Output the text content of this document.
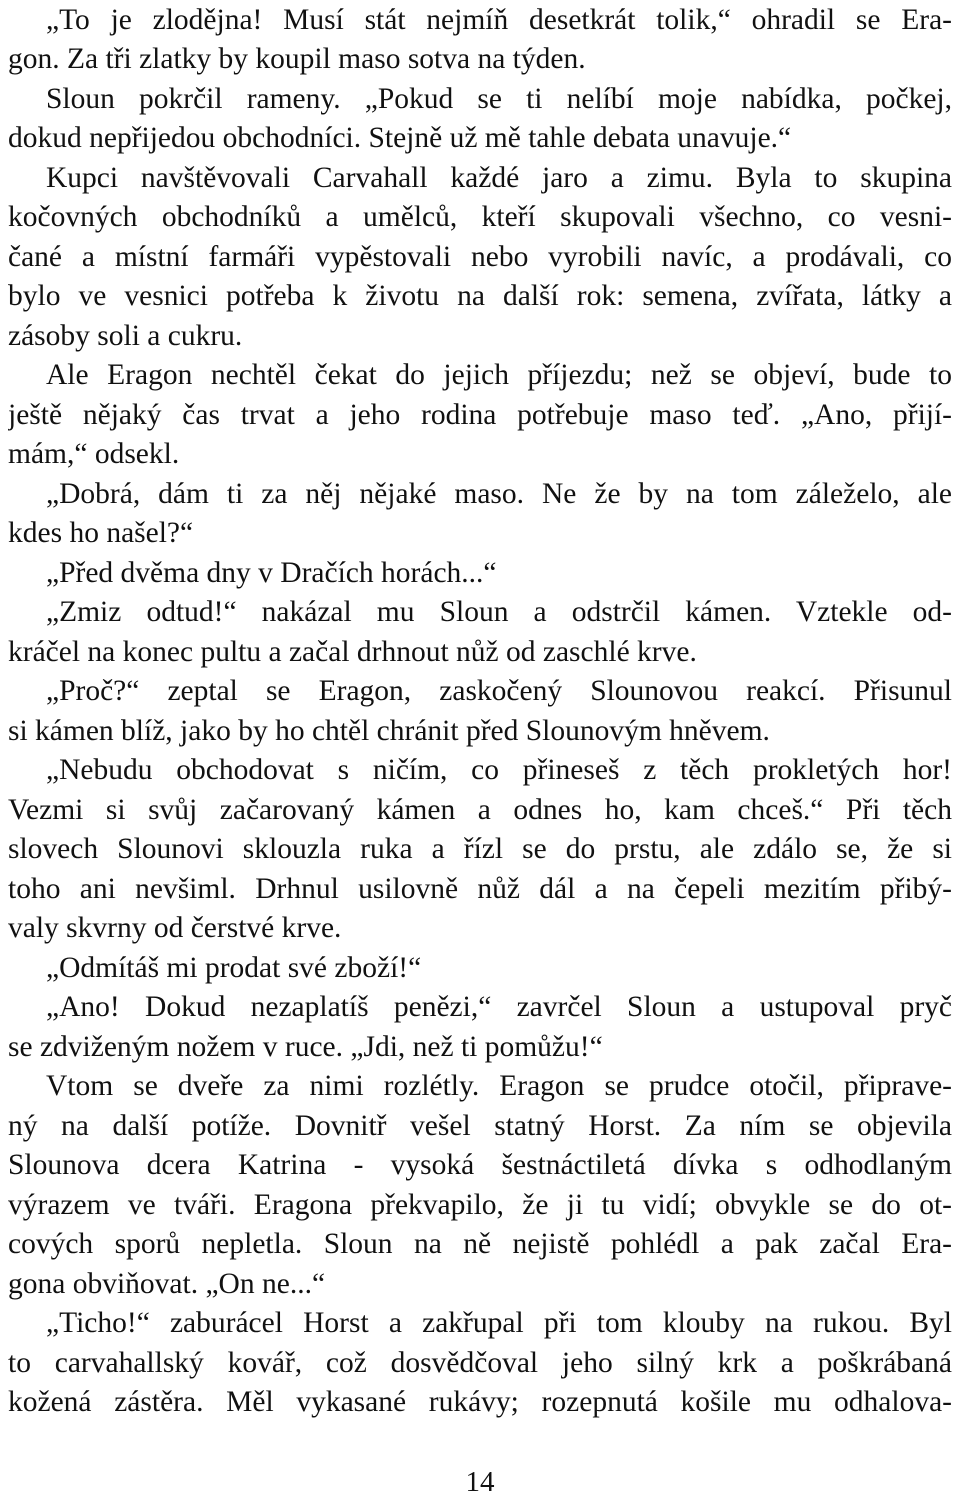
„To je zlodějna! Musí stát nejmíň desetkrát tolik,“ ohradil se Era-
gon. Za tři zlatky by koupil maso sotva na týden.
Sloun pokrčil rameny. „Pokud se ti nelíbí moje nabídka, počkej,
dokud nepřijedou obchodníci. Stejně už mě tahle debata unavuje.“
Kupci navštěvovali Carvahall každé jaro a zimu. Byla to skupina
kočovných obchodníků a umělců, kteří skupovali všechno, co vesni-
čané a místní farmáři vypěstovali nebo vyrobili navíc, a prodávali, co
bylo ve vesnici potřeba k životu na další rok: semena, zvířata, látky a
zásoby soli a cukru.
Ale Eragon nechtěl čekat do jejich příjezdu; než se objeví, bude to
ještě nějaký čas trvat a jeho rodina potřebuje maso teď. „Ano, přijí-
mám,“ odsekl.
„Dobrá, dám ti za něj nějaké maso. Ne že by na tom záleželo, ale
kdes ho našel?“
„Před dvěma dny v Dračích horách...“
„Zmiz odtud!“ nakázal mu Sloun a odstrčil kámen. Vztekle od-
kráčel na konec pultu a začal drhnout nůž od zaschlé krve.
„Proč?“ zeptal se Eragon, zaskočený Slounovou reakcí. Přisunul
si kámen blíž, jako by ho chtěl chránit před Slounovým hněvem.
„Nebudu obchodovat s ničím, co přineseš z těch prokletých hor!
Vezmi si svůj začarovaný kámen a odnes ho, kam chceš.“ Při těch
slovech Slounovi sklouzla ruka a řízl se do prstu, ale zdálo se, že si
toho ani nevšiml. Drhnul usilovně nůž dál a na čepeli mezitím přibý-
valy skvrny od čerstvé krve.
„Odmítáš mi prodat své zboží!“
„Ano! Dokud nezaplatíš penězi,“ zavrčel Sloun a ustupoval pryč
se zdviženým nožem v ruce. „Jdi, než ti pomůžu!“
Vtom se dveře za nimi rozlétly. Eragon se prudce otočil, připrave-
ný na další potíže. Dovnitř vešel statný Horst. Za ním se objevila
Slounova dcera Katrina - vysoká šestnáctiletá dívka s odhodlaným
výrazem ve tváři. Eragona překvapilo, že ji tu vidí; obvykle se do ot-
cových sporů nepletla. Sloun na ně nejistě pohlédl a pak začal Era-
gona obviňovat. „On ne...“
„Ticho!“ zaburácel Horst a zakřupal při tom klouby na rukou. Byl
to carvahallský kovář, což dosvědčoval jeho silný krk a poškrábaná
kožená zástěra. Měl vykasané rukávy; rozepnutá košile mu odhalova-
14
